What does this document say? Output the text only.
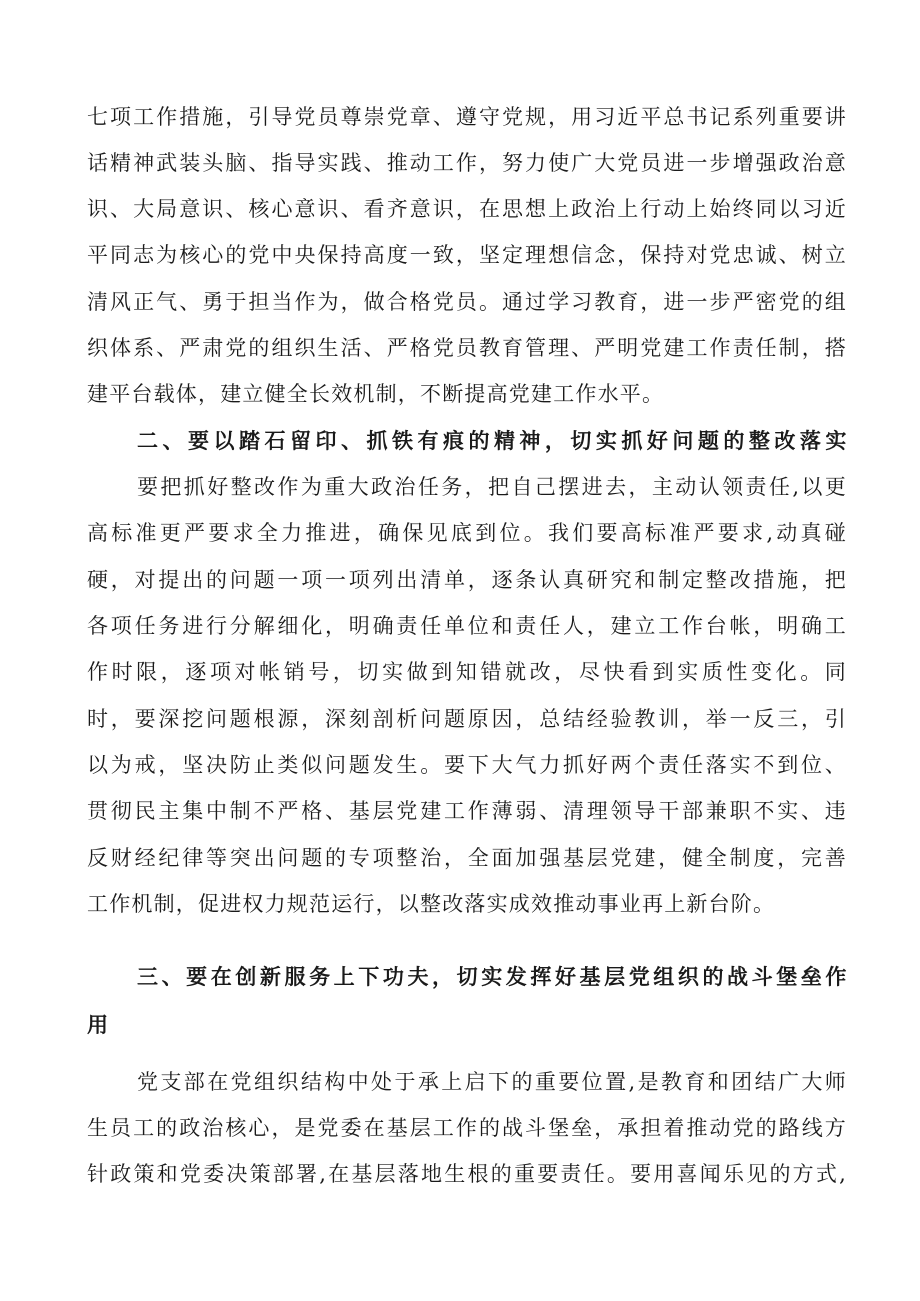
七项工作措施，引导党员尊崇党章、遵守党规，用习近平总书记系列重要讲
话精神武装头脑、指导实践、推动工作，努力使广大党员进一步增强政治意
识、大局意识、核心意识、看齐意识，在思想上政治上行动上始终同以习近
平同志为核心的党中央保持高度一致，坚定理想信念，保持对党忠诚、树立
清风正气、勇于担当作为，做合格党员。通过学习教育，进一步严密党的组
织体系、严肃党的组织生活、严格党员教育管理、严明党建工作责任制，搭
建平台载体，建立健全长效机制，不断提高党建工作水平。
二、要以踏石留印、抓铁有痕的精神，切实抓好问题的整改落实
要把抓好整改作为重大政治任务，把自己摆进去，主动认领责任,以更
高标准更严要求全力推进，确保见底到位。我们要高标准严要求,动真碰
硬，对提出的问题一项一项列出清单，逐条认真研究和制定整改措施，把
各项任务进行分解细化，明确责任单位和责任人，建立工作台帐，明确工
作时限，逐项对帐销号，切实做到知错就改，尽快看到实质性变化。同
时，要深挖问题根源，深刻剖析问题原因，总结经验教训，举一反三，引
以为戒，坚决防止类似问题发生。要下大气力抓好两个责任落实不到位、
贯彻民主集中制不严格、基层党建工作薄弱、清理领导干部兼职不实、违
反财经纪律等突出问题的专项整治，全面加强基层党建，健全制度，完善
工作机制，促进权力规范运行，以整改落实成效推动事业再上新台阶。
三、要在创新服务上下功夫，切实发挥好基层党组织的战斗堡垒作
用
党支部在党组织结构中处于承上启下的重要位置,是教育和团结广大师
生员工的政治核心，是党委在基层工作的战斗堡垒，承担着推动党的路线方
针政策和党委决策部署,在基层落地生根的重要责任。要用喜闻乐见的方式,
